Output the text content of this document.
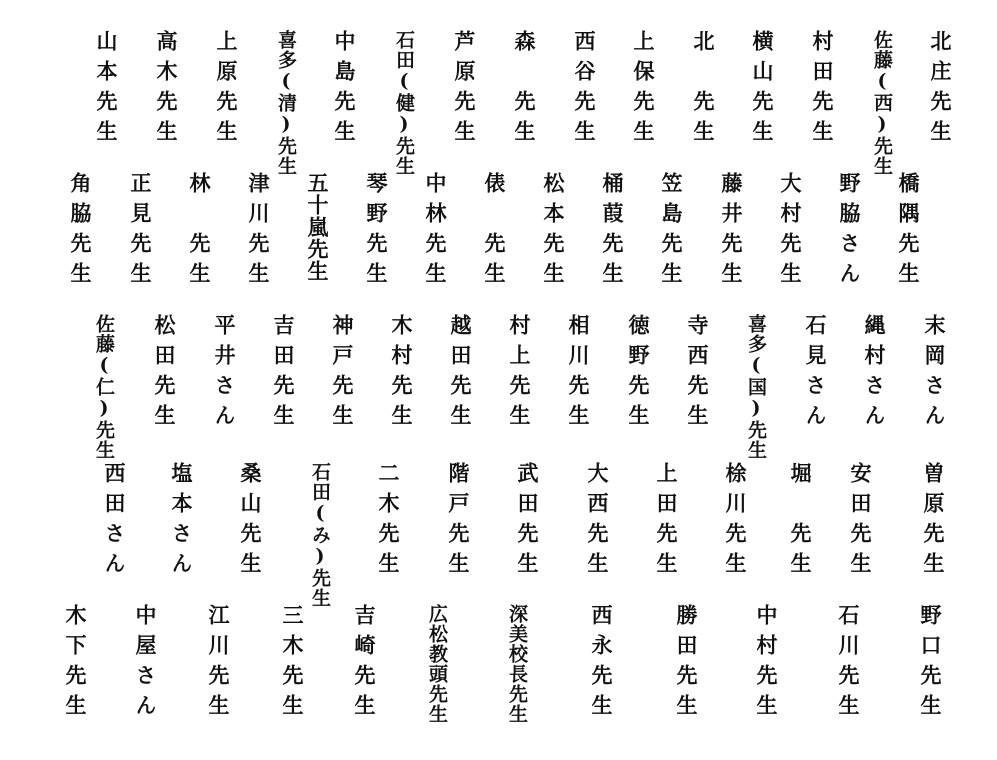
山本先生 高木先生 上原先生	喜多(清)先生 中島先生	石田(健)先生 芦原先生 森　先生 西谷先生 上保先生 北　先生 横山先生 村田先生	佐藤(西)先生 北庄先生
角脇先生 正見先生 林　先生 津川先生 五十嵐先生 琴野先生 中林先生 俵　先生 松本先生 桶葭先生 笠島先生 藤井先生 大村先生 野脇さん 橋隅先生
佐藤(仁)先生 松田先生 平井さん 吉田先生 神戸先生 木村先生 越田先生 村上先生 相川先生 徳野先生 寺西先生	喜多(国)先生 石見さん 縄村さん 末岡さん
西田さん 塩本さん 桑山先生	石田(み)先生 二木先生 階戸先生 武田先生 大西先生 上田先生 梌川先生 堀　先生 安田先生 曽原先生
木下先生 中屋さん 江川先生 三木先生 吉崎先生	広松教頭先生	深美校長先生	西永先生	勝田先生	中村先生	石川先生	野口先生
